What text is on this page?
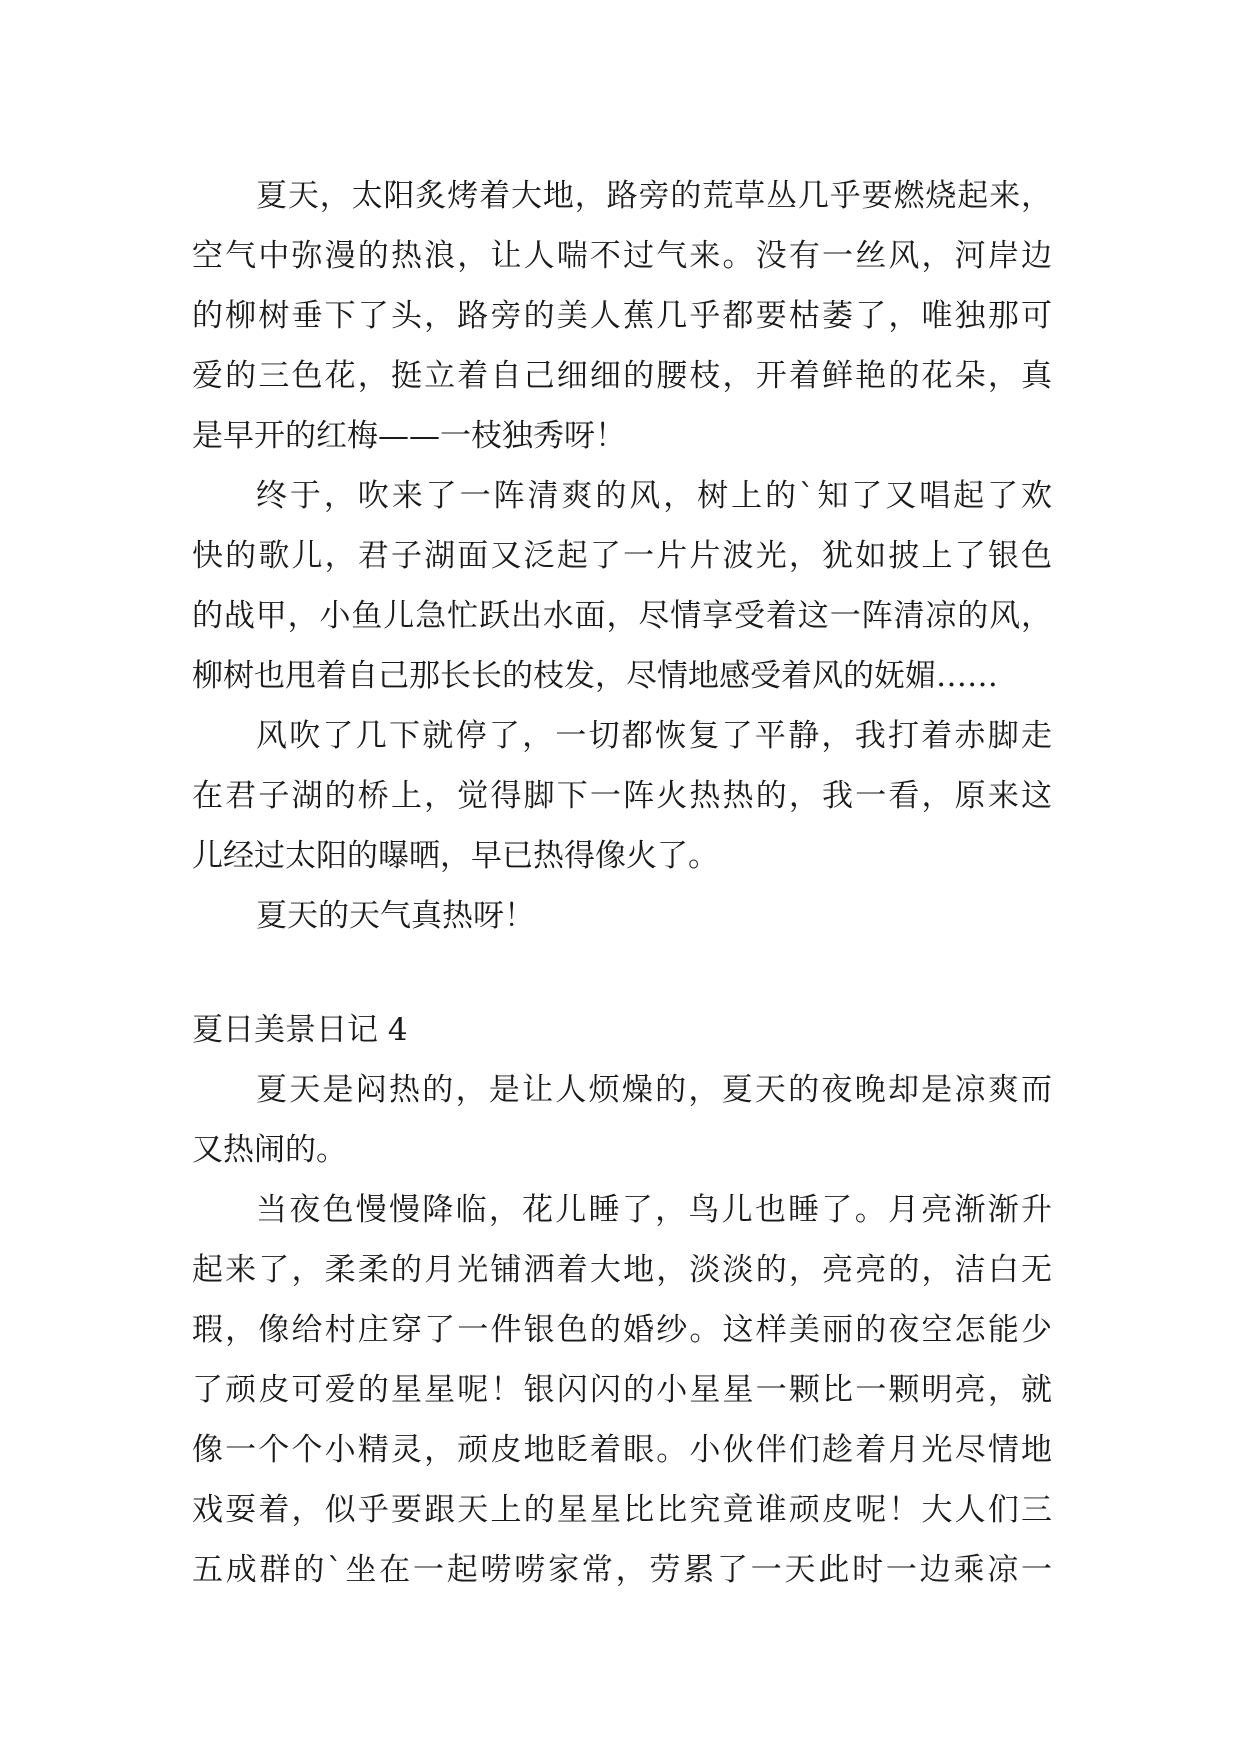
夏天，太阳炙烤着大地，路旁的荒草丛几乎要燃烧起来，
空气中弥漫的热浪，让人喘不过气来。没有一丝风，河岸边
的柳树垂下了头，路旁的美人蕉几乎都要枯萎了，唯独那可
爱的三色花，挺立着自己细细的腰枝，开着鲜艳的花朵，真
是早开的红梅——一枝独秀呀！
终于，吹来了一阵清爽的风，树上的`知了又唱起了欢
快的歌儿，君子湖面又泛起了一片片波光，犹如披上了银色
的战甲，小鱼儿急忙跃出水面，尽情享受着这一阵清凉的风，
柳树也甩着自己那长长的枝发，尽情地感受着风的妩媚……
风吹了几下就停了，一切都恢复了平静，我打着赤脚走
在君子湖的桥上，觉得脚下一阵火热热的，我一看，原来这
儿经过太阳的曝晒，早已热得像火了。
夏天的天气真热呀！
夏日美景日记 4
夏天是闷热的，是让人烦燥的，夏天的夜晚却是凉爽而
又热闹的。
当夜色慢慢降临，花儿睡了，鸟儿也睡了。月亮渐渐升
起来了，柔柔的月光铺洒着大地，淡淡的，亮亮的，洁白无
瑕，像给村庄穿了一件银色的婚纱。这样美丽的夜空怎能少
了顽皮可爱的星星呢！银闪闪的小星星一颗比一颗明亮，就
像一个个小精灵，顽皮地眨着眼。小伙伴们趁着月光尽情地
戏耍着，似乎要跟天上的星星比比究竟谁顽皮呢！大人们三
五成群的`坐在一起唠唠家常，劳累了一天此时一边乘凉一
